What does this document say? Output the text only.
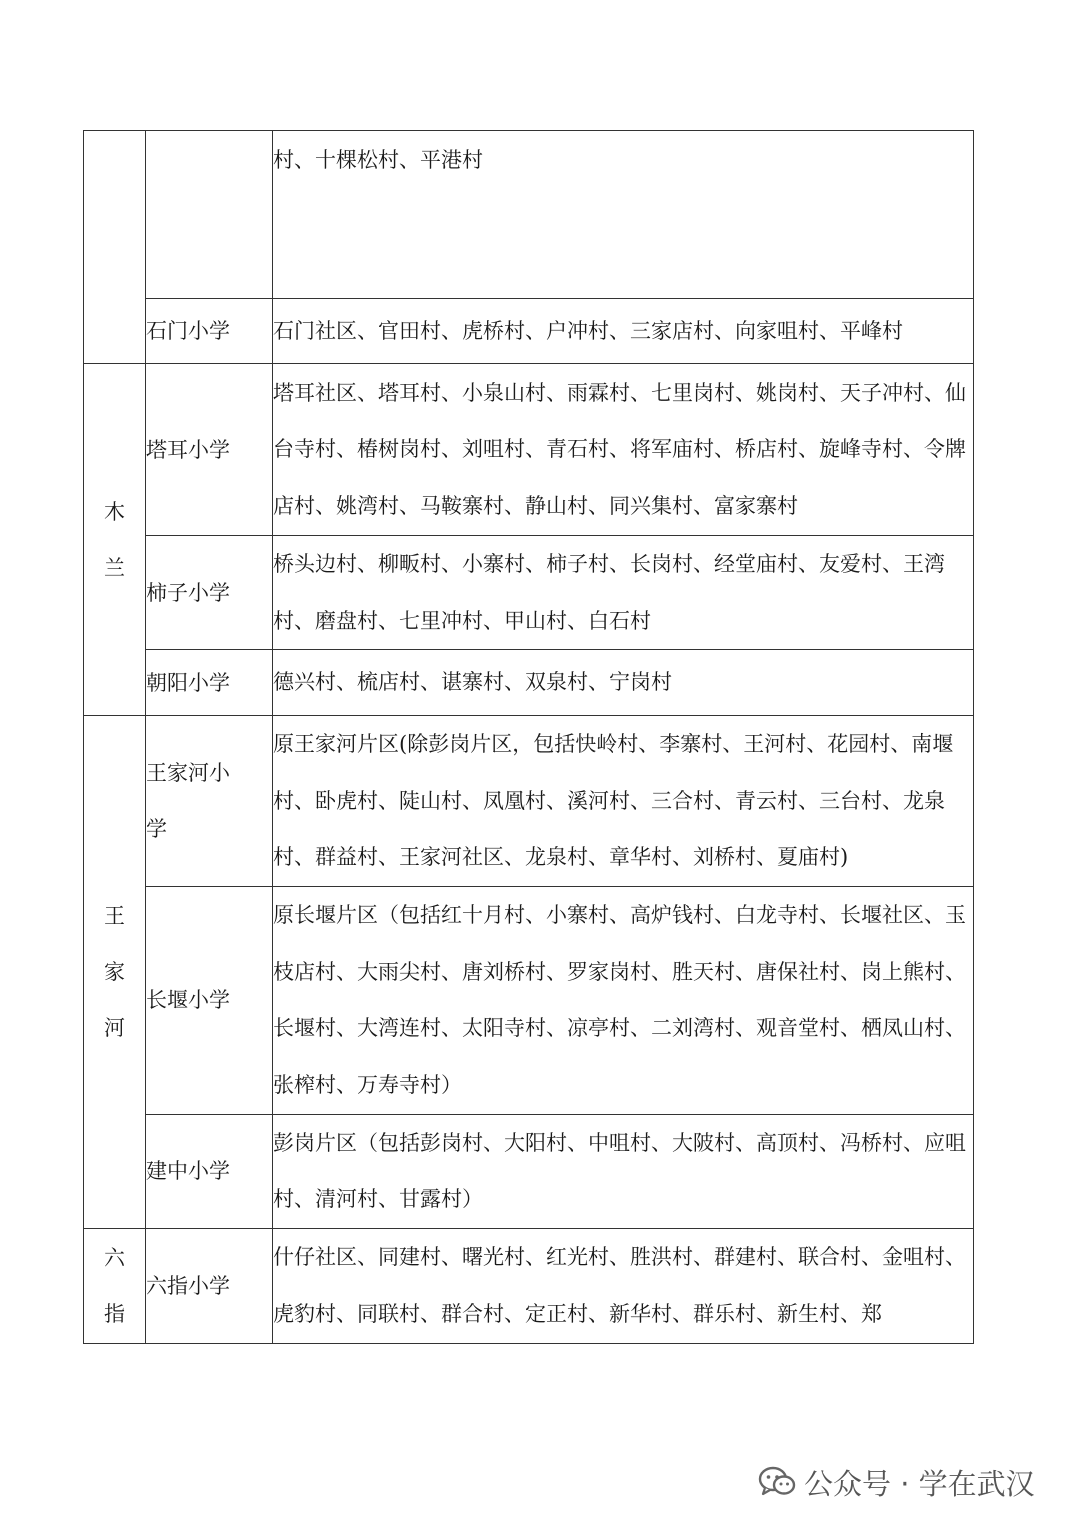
		村、十棵松村、平港村
	石门小学	石门社区、官田村、虎桥村、户冲村、三家店村、向家咀村、平峰村
木兰	塔耳小学	塔耳社区、塔耳村、小泉山村、雨霖村、七里岗村、姚岗村、天子冲村、仙台寺村、椿树岗村、刘咀村、青石村、将军庙村、桥店村、旋峰寺村、令牌店村、姚湾村、马鞍寨村、静山村、同兴集村、富家寨村
	柿子小学	桥头边村、柳畈村、小寨村、柿子村、长岗村、经堂庙村、友爱村、王湾村、磨盘村、七里冲村、甲山村、白石村
	朝阳小学	德兴村、梳店村、谌寨村、双泉村、宁岗村
王家河	王家河小学	原王家河片区(除彭岗片区，包括快岭村、李寨村、王河村、花园村、南堰村、卧虎村、陡山村、凤凰村、溪河村、三合村、青云村、三台村、龙泉村、群益村、王家河社区、龙泉村、章华村、刘桥村、夏庙村)
	长堰小学	原长堰片区（包括红十月村、小寨村、高炉钱村、白龙寺村、长堰社区、玉枝店村、大雨尖村、唐刘桥村、罗家岗村、胜天村、唐保社村、岗上熊村、长堰村、大湾连村、太阳寺村、凉亭村、二刘湾村、观音堂村、栖凤山村、张榨村、万寿寺村）
	建中小学	彭岗片区（包括彭岗村、大阳村、中咀村、大陂村、高顶村、冯桥村、应咀村、清河村、甘露村）
六指	六指小学	什仔社区、同建村、曙光村、红光村、胜洪村、群建村、联合村、金咀村、虎豹村、同联村、群合村、定正村、新华村、群乐村、新生村、郑
公众号 · 学在武汉
